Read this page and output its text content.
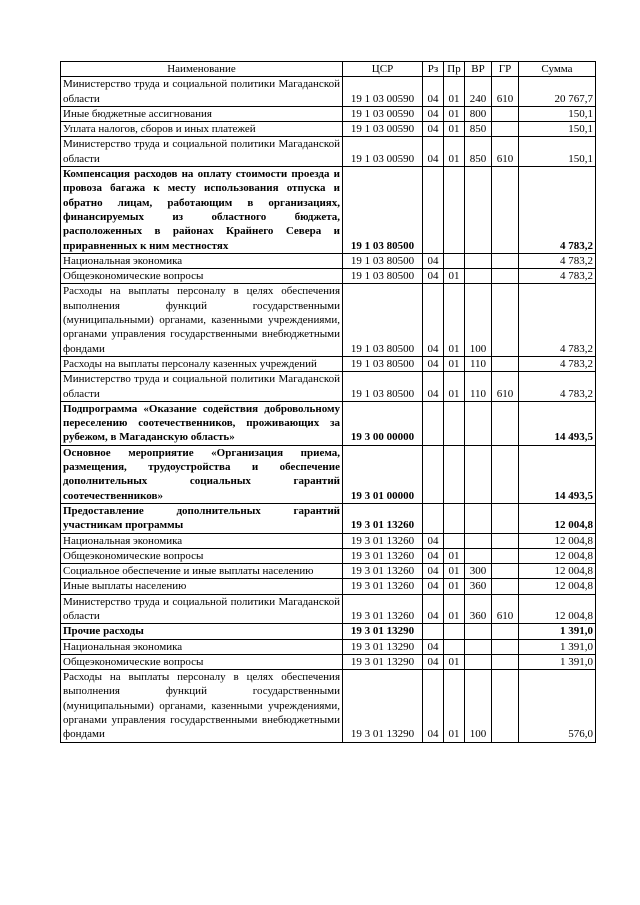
Наименование	ЦСР	Рз	Пр	ВР	ГР	Сумма
Министерство труда и социальной политики Магаданской области	19 1 03 00590	04	01	240	610	20 767,7
Иные бюджетные ассигнования	19 1 03 00590	04	01	800		150,1
Уплата налогов, сборов и иных платежей	19 1 03 00590	04	01	850		150,1
Министерство труда и социальной политики Магаданской области	19 1 03 00590	04	01	850	610	150,1
Компенсация расходов на оплату стоимости проезда и провоза багажа к месту использования отпуска и обратно лицам, работающим в организациях, финансируемых из областного бюджета, расположенных в районах Крайнего Севера и приравненных к ним местностях	19 1 03 80500					4 783,2
Национальная экономика	19 1 03 80500	04				4 783,2
Общеэкономические вопросы	19 1 03 80500	04	01			4 783,2
Расходы на выплаты персоналу в целях обеспечения выполнения функций государственными (муниципальными) органами, казенными учреждениями, органами управления государственными внебюджетными фондами	19 1 03 80500	04	01	100		4 783,2
Расходы на выплаты персоналу казенных учреждений	19 1 03 80500	04	01	110		4 783,2
Министерство труда и социальной политики Магаданской области	19 1 03 80500	04	01	110	610	4 783,2
Подпрограмма «Оказание содействия добровольному переселению соотечественников, проживающих за рубежом, в Магаданскую область»	19 3 00 00000					14 493,5
Основное мероприятие «Организация приема, размещения, трудоустройства и обеспечение дополнительных социальных гарантий соотечественников»	19 3 01 00000					14 493,5
Предоставление дополнительных гарантий участникам программы	19 3 01 13260					12 004,8
Национальная экономика	19 3 01 13260	04				12 004,8
Общеэкономические вопросы	19 3 01 13260	04	01			12 004,8
Социальное обеспечение и иные выплаты населению	19 3 01 13260	04	01	300		12 004,8
Иные выплаты населению	19 3 01 13260	04	01	360		12 004,8
Министерство труда и социальной политики Магаданской области	19 3 01 13260	04	01	360	610	12 004,8
Прочие расходы	19 3 01 13290					1 391,0
Национальная экономика	19 3 01 13290	04				1 391,0
Общеэкономические вопросы	19 3 01 13290	04	01			1 391,0
Расходы на выплаты персоналу в целях обеспечения выполнения функций государственными (муниципальными) органами, казенными учреждениями, органами управления государственными внебюджетными фондами	19 3 01 13290	04	01	100		576,0
